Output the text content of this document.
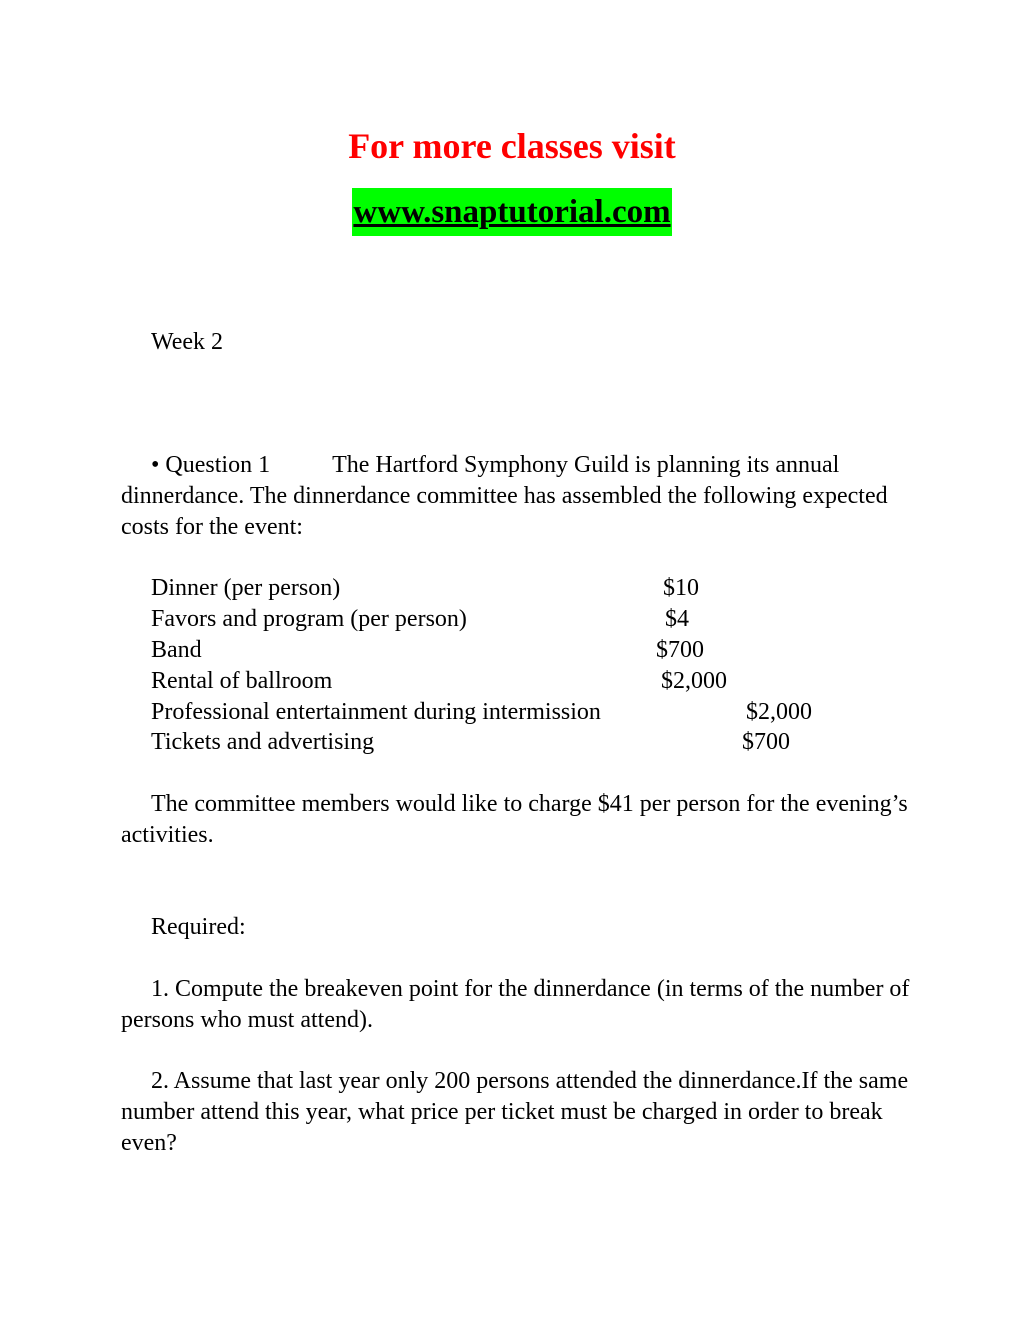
For more classes visit
www.snaptutorial.com
Week 2
• Question 1	The Hartford Symphony Guild is planning its annual dinnerdance. The dinnerdance committee has assembled the following expected costs for the event:
Dinner (per person)	$10
Favors and program (per person)	$4
Band	$700
Rental of ballroom	$2,000
Professional entertainment during intermission	$2,000
Tickets and advertising	$700
The committee members would like to charge $41 per person for the evening’s activities.
Required:
1. Compute the breakeven point for the dinnerdance (in terms of the number of persons who must attend).
2. Assume that last year only 200 persons attended the dinnerdance.If the same number attend this year, what price per ticket must be charged in order to break even?
